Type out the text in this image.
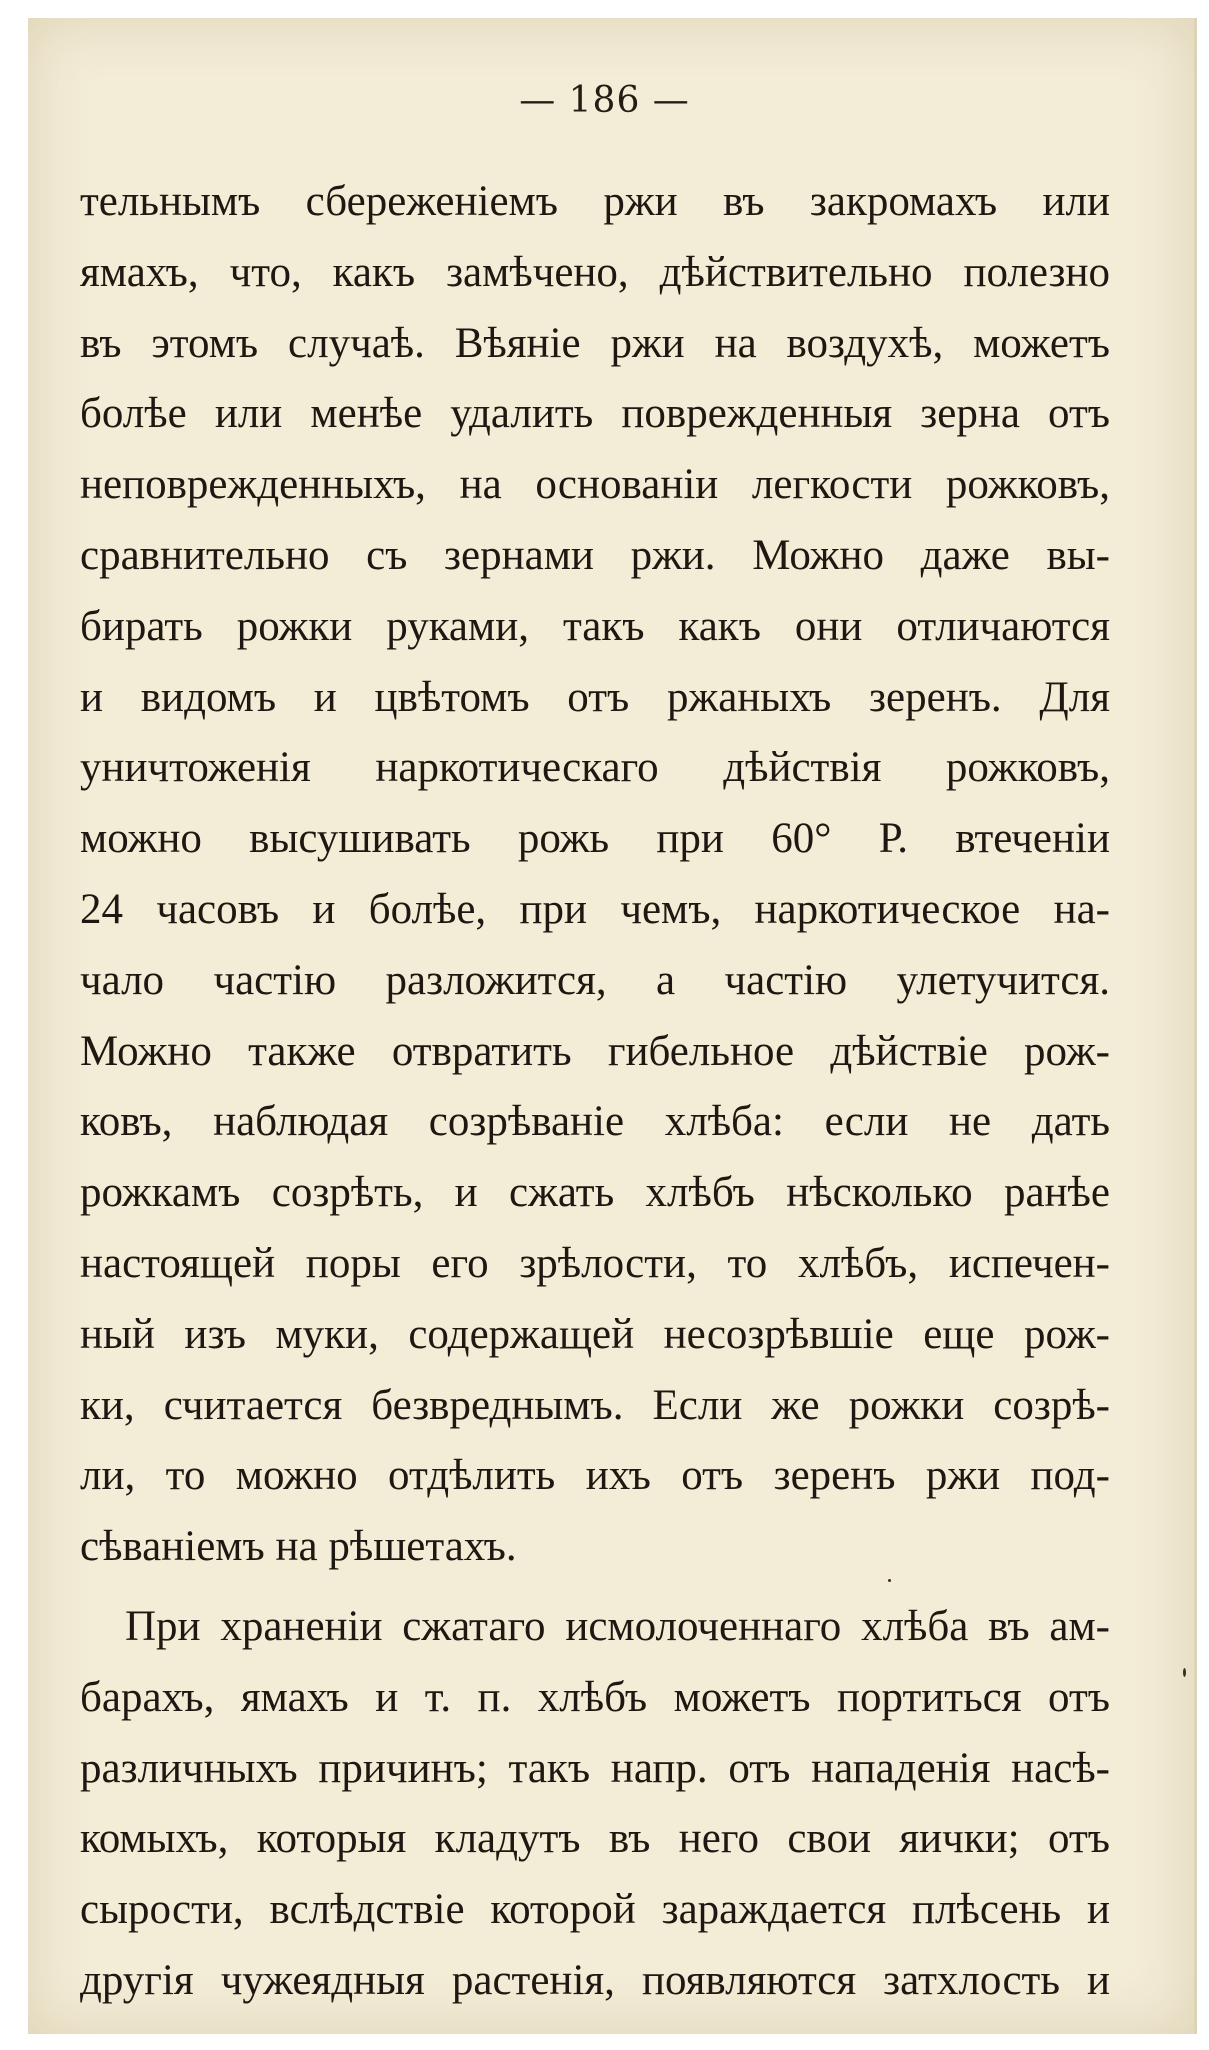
— 186 —
тельнымъ сбереженiемъ ржи въ закромахъ или
ямахъ, что, какъ замѣчено, дѣйствительно полезно
въ этомъ случаѣ. Вѣянiе ржи на воздухѣ, можетъ
болѣе или менѣе удалить поврежденныя зерна отъ
неповрежденныхъ, на основанiи легкости рожковъ,
сравнительно съ зернами ржи. Можно даже вы-
бирать рожки руками, такъ какъ они отличаются
и видомъ и цвѣтомъ отъ ржаныхъ зеренъ. Для
уничтоженiя наркотическаго дѣйствiя рожковъ,
можно высушивать рожь при 60° Р. втеченiи
24 часовъ и болѣе, при чемъ, наркотическое на-
чало частiю разложится, а частiю улетучится.
Можно также отвратить гибельное дѣйствiе рож-
ковъ, наблюдая созрѣванiе хлѣба: если не дать
рожкамъ созрѣть, и сжать хлѣбъ нѣсколько ранѣе
настоящей поры его зрѣлости, то хлѣбъ, испечен-
ный изъ муки, содержащей несозрѣвшiе еще рож-
ки, считается безвреднымъ. Если же рожки созрѣ-
ли, то можно отдѣлить ихъ отъ зеренъ ржи под-
сѣванiемъ на рѣшетахъ.
При храненiи сжатаго исмолоченнаго хлѣба въ ам-
барахъ, ямахъ и т. п. хлѣбъ можетъ портиться отъ
различныхъ причинъ; такъ напр. отъ нападенiя насѣ-
комыхъ, которыя кладутъ въ него свои яички; отъ
сырости, вслѣдствiе которой зараждается плѣсень и
другiя чужеядныя растенiя, появляются затхлость и
